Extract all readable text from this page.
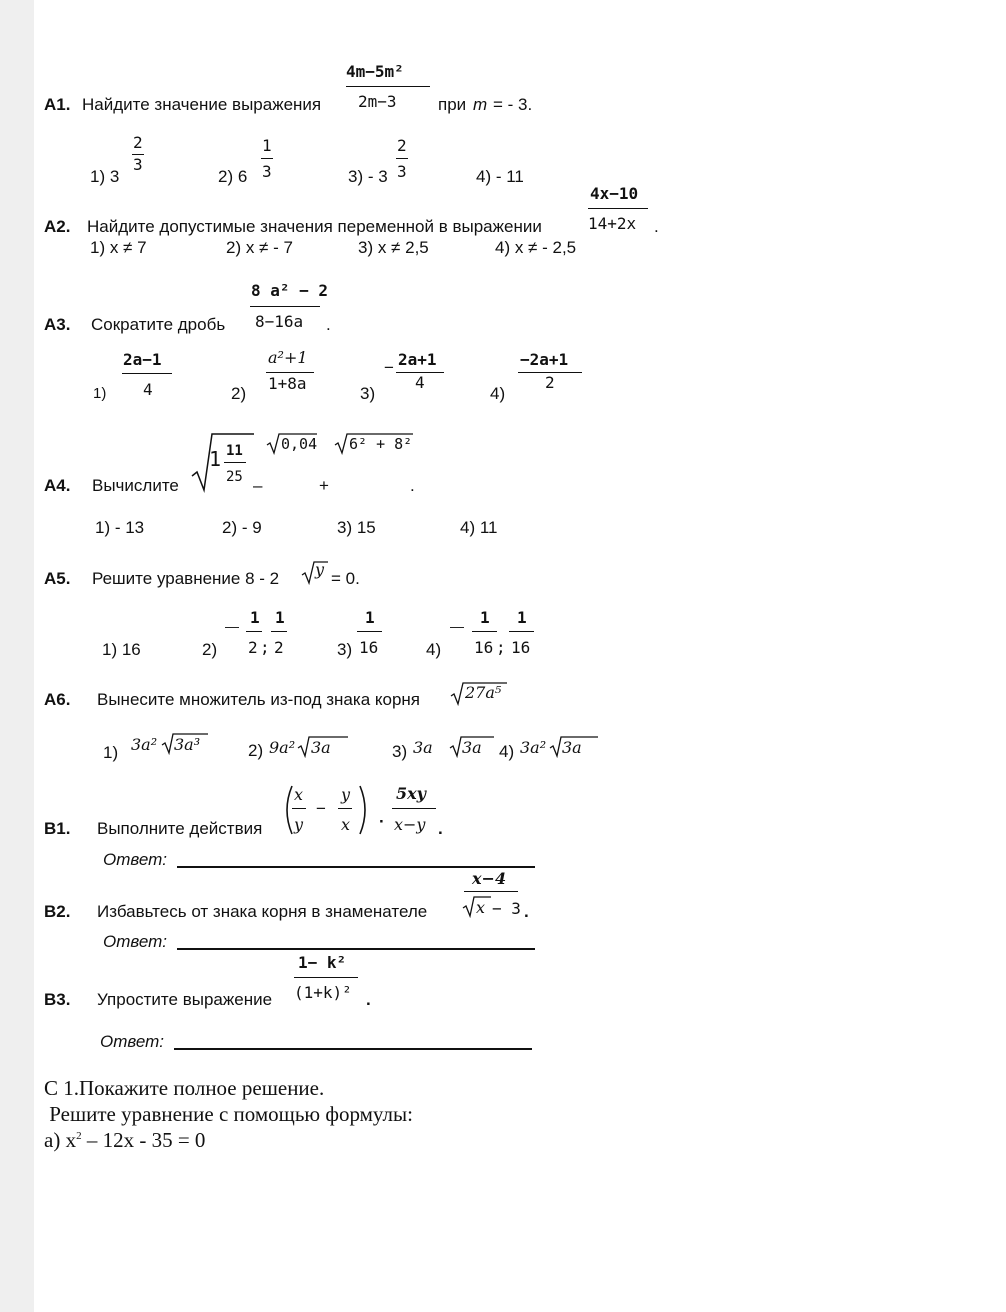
A1. Найдите значение выражения
4m−5m²
2m−3 при m = - 3.
1) 3
2
3
2) 6
1
3	3) - 3
2
3	4) - 11
A2. Найдите допустимые значения переменной в выражении
4x−10
14+2x .
1) x ≠ 7	2) x ≠ - 7	3) x ≠ 2,5	4) x ≠ - 2,5
A3. Сократите дробь
8 a² − 2
8−16a .
1)
2a−1
4	2)
a²+1
1+8a
3)
− 2a+1
4
4)
−2a+1
2
A4. Вычислите
1 11
25 –
0,04 6² + 8²
+	.
1) - 13	2) - 9	3) 15	4) 11
A5. Решите уравнение 8 - 2 y = 0.
1) 16	2)
— 1
2 ;
1
2	3)
1
16	4)
— 1
16 ;
1
16
A6. Вынесите множитель из-под знака корня	27a⁵
1) 3a² 3a³	2) 9a² 3a	3) 3a 3a 4) 3a² 3a
B1. Выполните действия
x
y
−
y
x ·
5xy
x−y .
Ответ:
B2. Избавьтесь от знака корня в знаменателе
x−4
x − 3 .
Ответ:
B3. Упростите выражение
1− k²
(1+k)² .
Ответ:
С 1.Покажите полное решение.
Решите уравнение с помощью формулы:
а) $x^2 - 12x - 35 = 0$
